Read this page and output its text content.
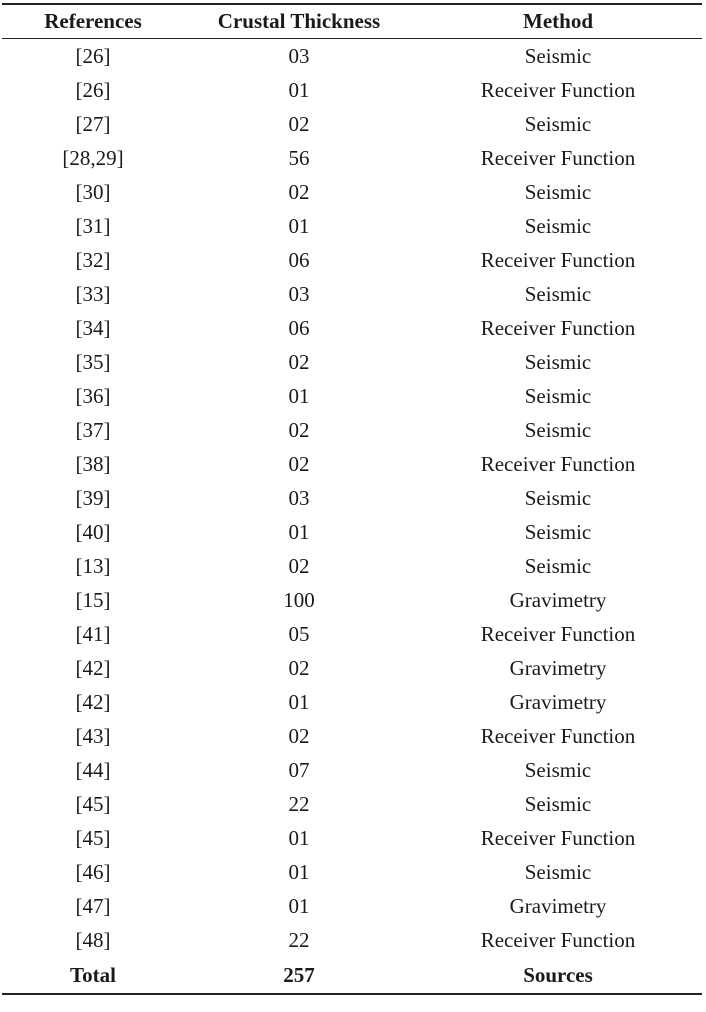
References	Crustal Thickness	Method
[26]	03	Seismic
[26]	01	Receiver Function
[27]	02	Seismic
[28,29]	56	Receiver Function
[30]	02	Seismic
[31]	01	Seismic
[32]	06	Receiver Function
[33]	03	Seismic
[34]	06	Receiver Function
[35]	02	Seismic
[36]	01	Seismic
[37]	02	Seismic
[38]	02	Receiver Function
[39]	03	Seismic
[40]	01	Seismic
[13]	02	Seismic
[15]	100	Gravimetry
[41]	05	Receiver Function
[42]	02	Gravimetry
[42]	01	Gravimetry
[43]	02	Receiver Function
[44]	07	Seismic
[45]	22	Seismic
[45]	01	Receiver Function
[46]	01	Seismic
[47]	01	Gravimetry
[48]	22	Receiver Function
Total	257	Sources
